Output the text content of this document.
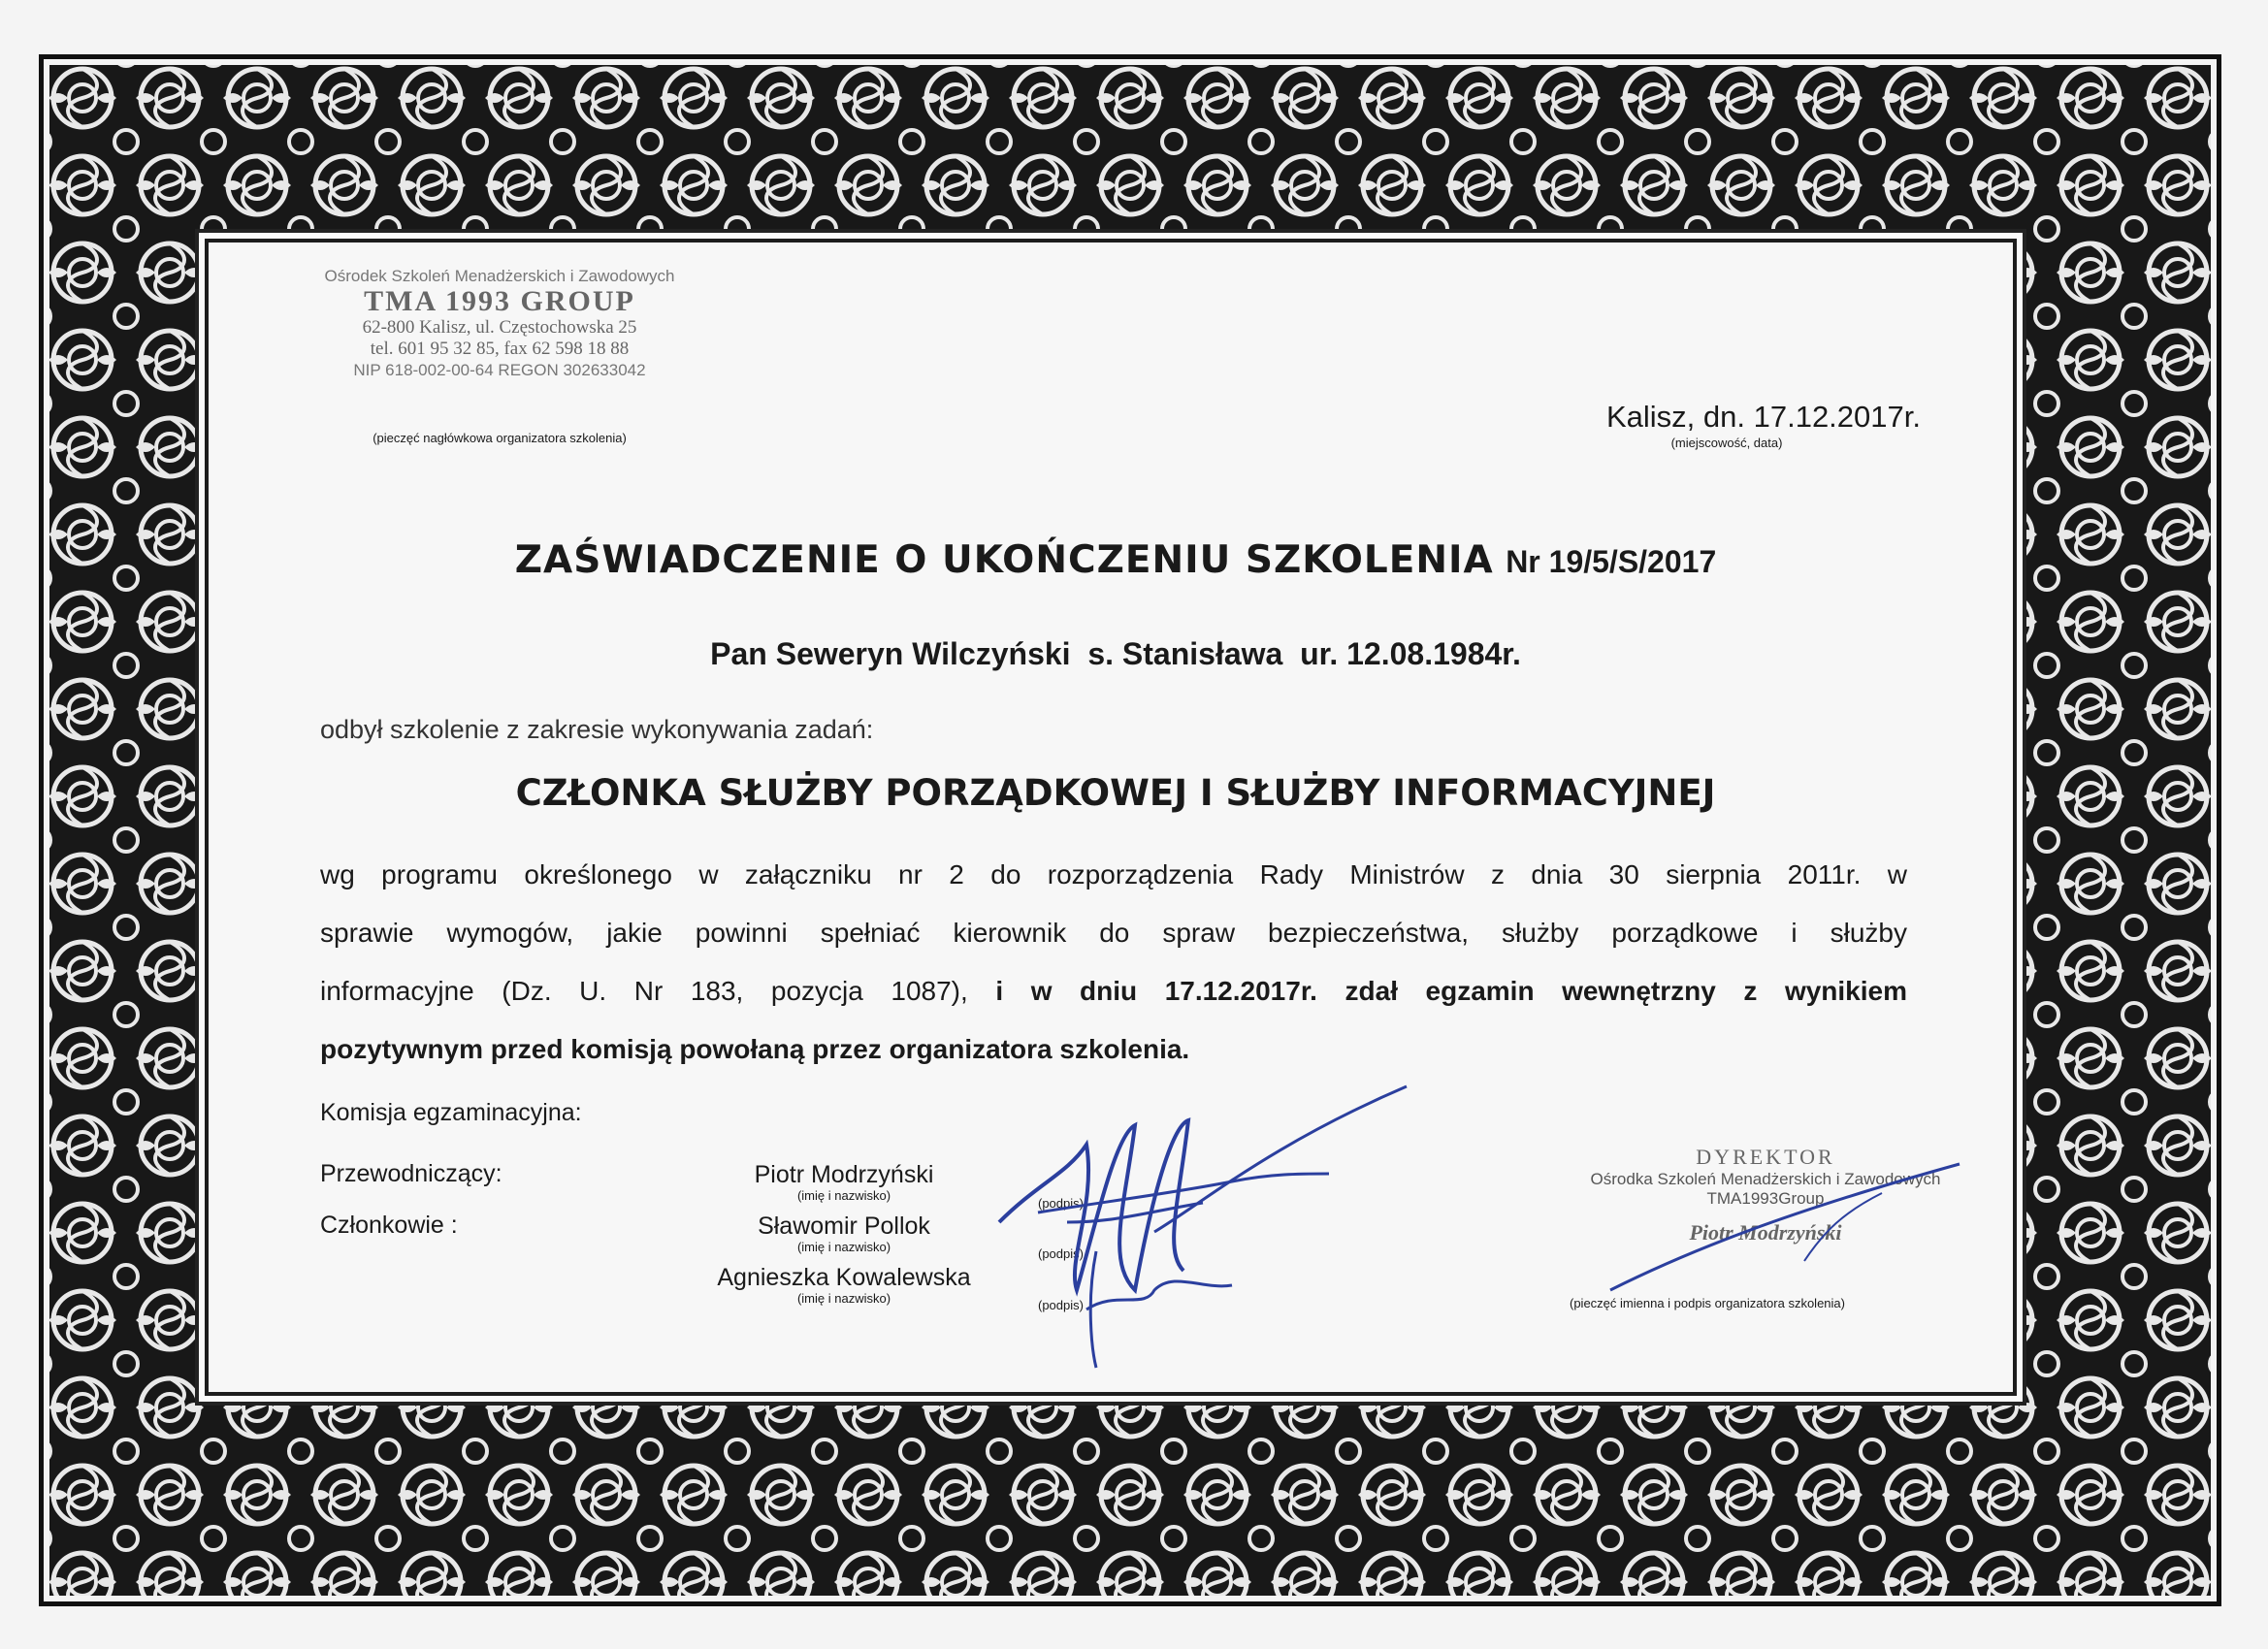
Ośrodek Szkoleń Menadżerskich i Zawodowych
TMA 1993 GROUP
62-800 Kalisz, ul. Częstochowska 25
tel. 601 95 32 85, fax 62 598 18 88
NIP 618-002-00-64 REGON 302633042
(pieczęć nagłówkowa organizatora szkolenia)
Kalisz, dn. 17.12.2017r.
(miejscowość, data)
ZAŚWIADCZENIE O UKOŃCZENIU SZKOLENIA Nr 19/5/S/2017
Pan Seweryn Wilczyński  s. Stanisława  ur. 12.08.1984r.
odbył szkolenie z zakresie wykonywania zadań:
CZŁONKA SŁUŻBY PORZĄDKOWEJ I SŁUŻBY INFORMACYJNEJ
wg programu określonego w załączniku nr 2 do rozporządzenia Rady Ministrów z dnia 30 sierpnia 2011r. w
sprawie wymogów, jakie powinni spełniać kierownik do spraw bezpieczeństwa, służby porządkowe i służby
informacyjne (Dz. U. Nr 183, pozycja 1087), i w dniu 17.12.2017r. zdał egzamin wewnętrzny z wynikiem
pozytywnym przed komisją powołaną przez organizatora szkolenia.
Komisja egzaminacyjna:
Przewodniczący:
Członkowie :
Piotr Modrzyński
(imię i nazwisko)
Sławomir Pollok
(imię i nazwisko)
Agnieszka Kowalewska
(imię i nazwisko)
(podpis)
(podpis)
(podpis)
DYREKTOR
Ośrodka Szkoleń Menadżerskich i Zawodowych
TMA1993Group
Piotr Modrzyński
(pieczęć imienna i podpis organizatora szkolenia)
